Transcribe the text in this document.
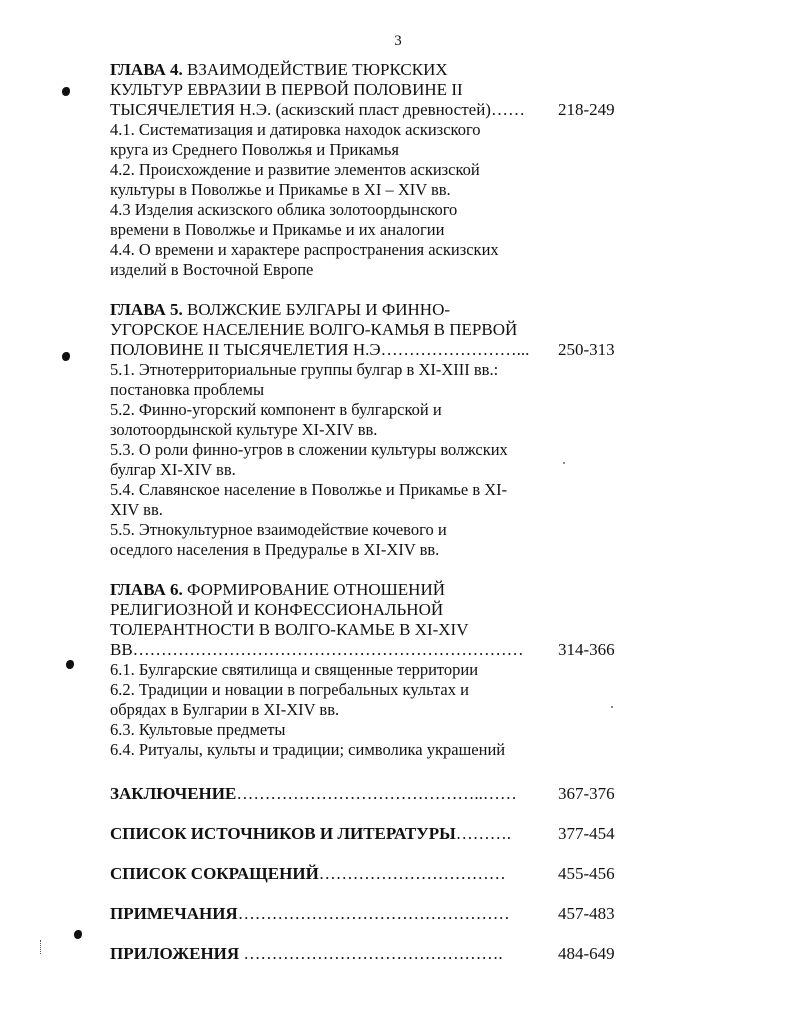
3
ГЛАВА 4. ВЗАИМОДЕЙСТВИЕ ТЮРКСКИХ
КУЛЬТУР ЕВРАЗИИ В ПЕРВОЙ ПОЛОВИНЕ II
ТЫСЯЧЕЛЕТИЯ Н.Э. (аскизский пласт древностей)…… 218-249
4.1. Систематизация и датировка находок аскизского
круга из Среднего Поволжья и Прикамья
4.2. Происхождение и развитие элементов аскизской
культуры в Поволжье и Прикамье в XI – XIV вв.
4.3 Изделия аскизского облика золотоордынского
времени в Поволжье и Прикамье и их аналогии
4.4. О времени и характере распространения аскизских
изделий в Восточной Европе
ГЛАВА 5. ВОЛЖСКИЕ БУЛГАРЫ И ФИННО-
УГОРСКОЕ НАСЕЛЕНИЕ ВОЛГО-КАМЬЯ В ПЕРВОЙ
ПОЛОВИНЕ II ТЫСЯЧЕЛЕТИЯ Н.Э……………………... 250-313
5.1. Этнотерриториальные группы булгар в XI-XIII вв.:
постановка проблемы
5.2. Финно-угорский компонент в булгарской и
золотоордынской культуре XI-XIV вв.
5.3. О роли финно-угров в сложении культуры волжских
булгар XI-XIV вв.
5.4. Славянское население в Поволжье и Прикамье в XI-
XIV вв.
5.5. Этнокультурное взаимодействие кочевого и
оседлого населения в Предуралье в XI-XIV вв.
ГЛАВА 6. ФОРМИРОВАНИЕ ОТНОШЕНИЙ
РЕЛИГИОЗНОЙ И КОНФЕССИОНАЛЬНОЙ
ТОЛЕРАНТНОСТИ В ВОЛГО-КАМЬЕ В XI-XIV
ВВ…………………………………………………………… 314-366
6.1. Булгарские святилища и священные территории
6.2. Традиции и новации в погребальных культах и
обрядах в Булгарии в XI-XIV вв.
6.3. Культовые предметы
6.4. Ритуалы, культы и традиции; символика украшений
ЗАКЛЮЧЕНИЕ……………………………………..…… 367-376
СПИСОК ИСТОЧНИКОВ И ЛИТЕРАТУРЫ……….	377-454
СПИСОК СОКРАЩЕНИЙ……………………………	455-456
ПРИМЕЧАНИЯ…………………………………………	457-483
ПРИЛОЖЕНИЯ ……………………………………….	484-649
